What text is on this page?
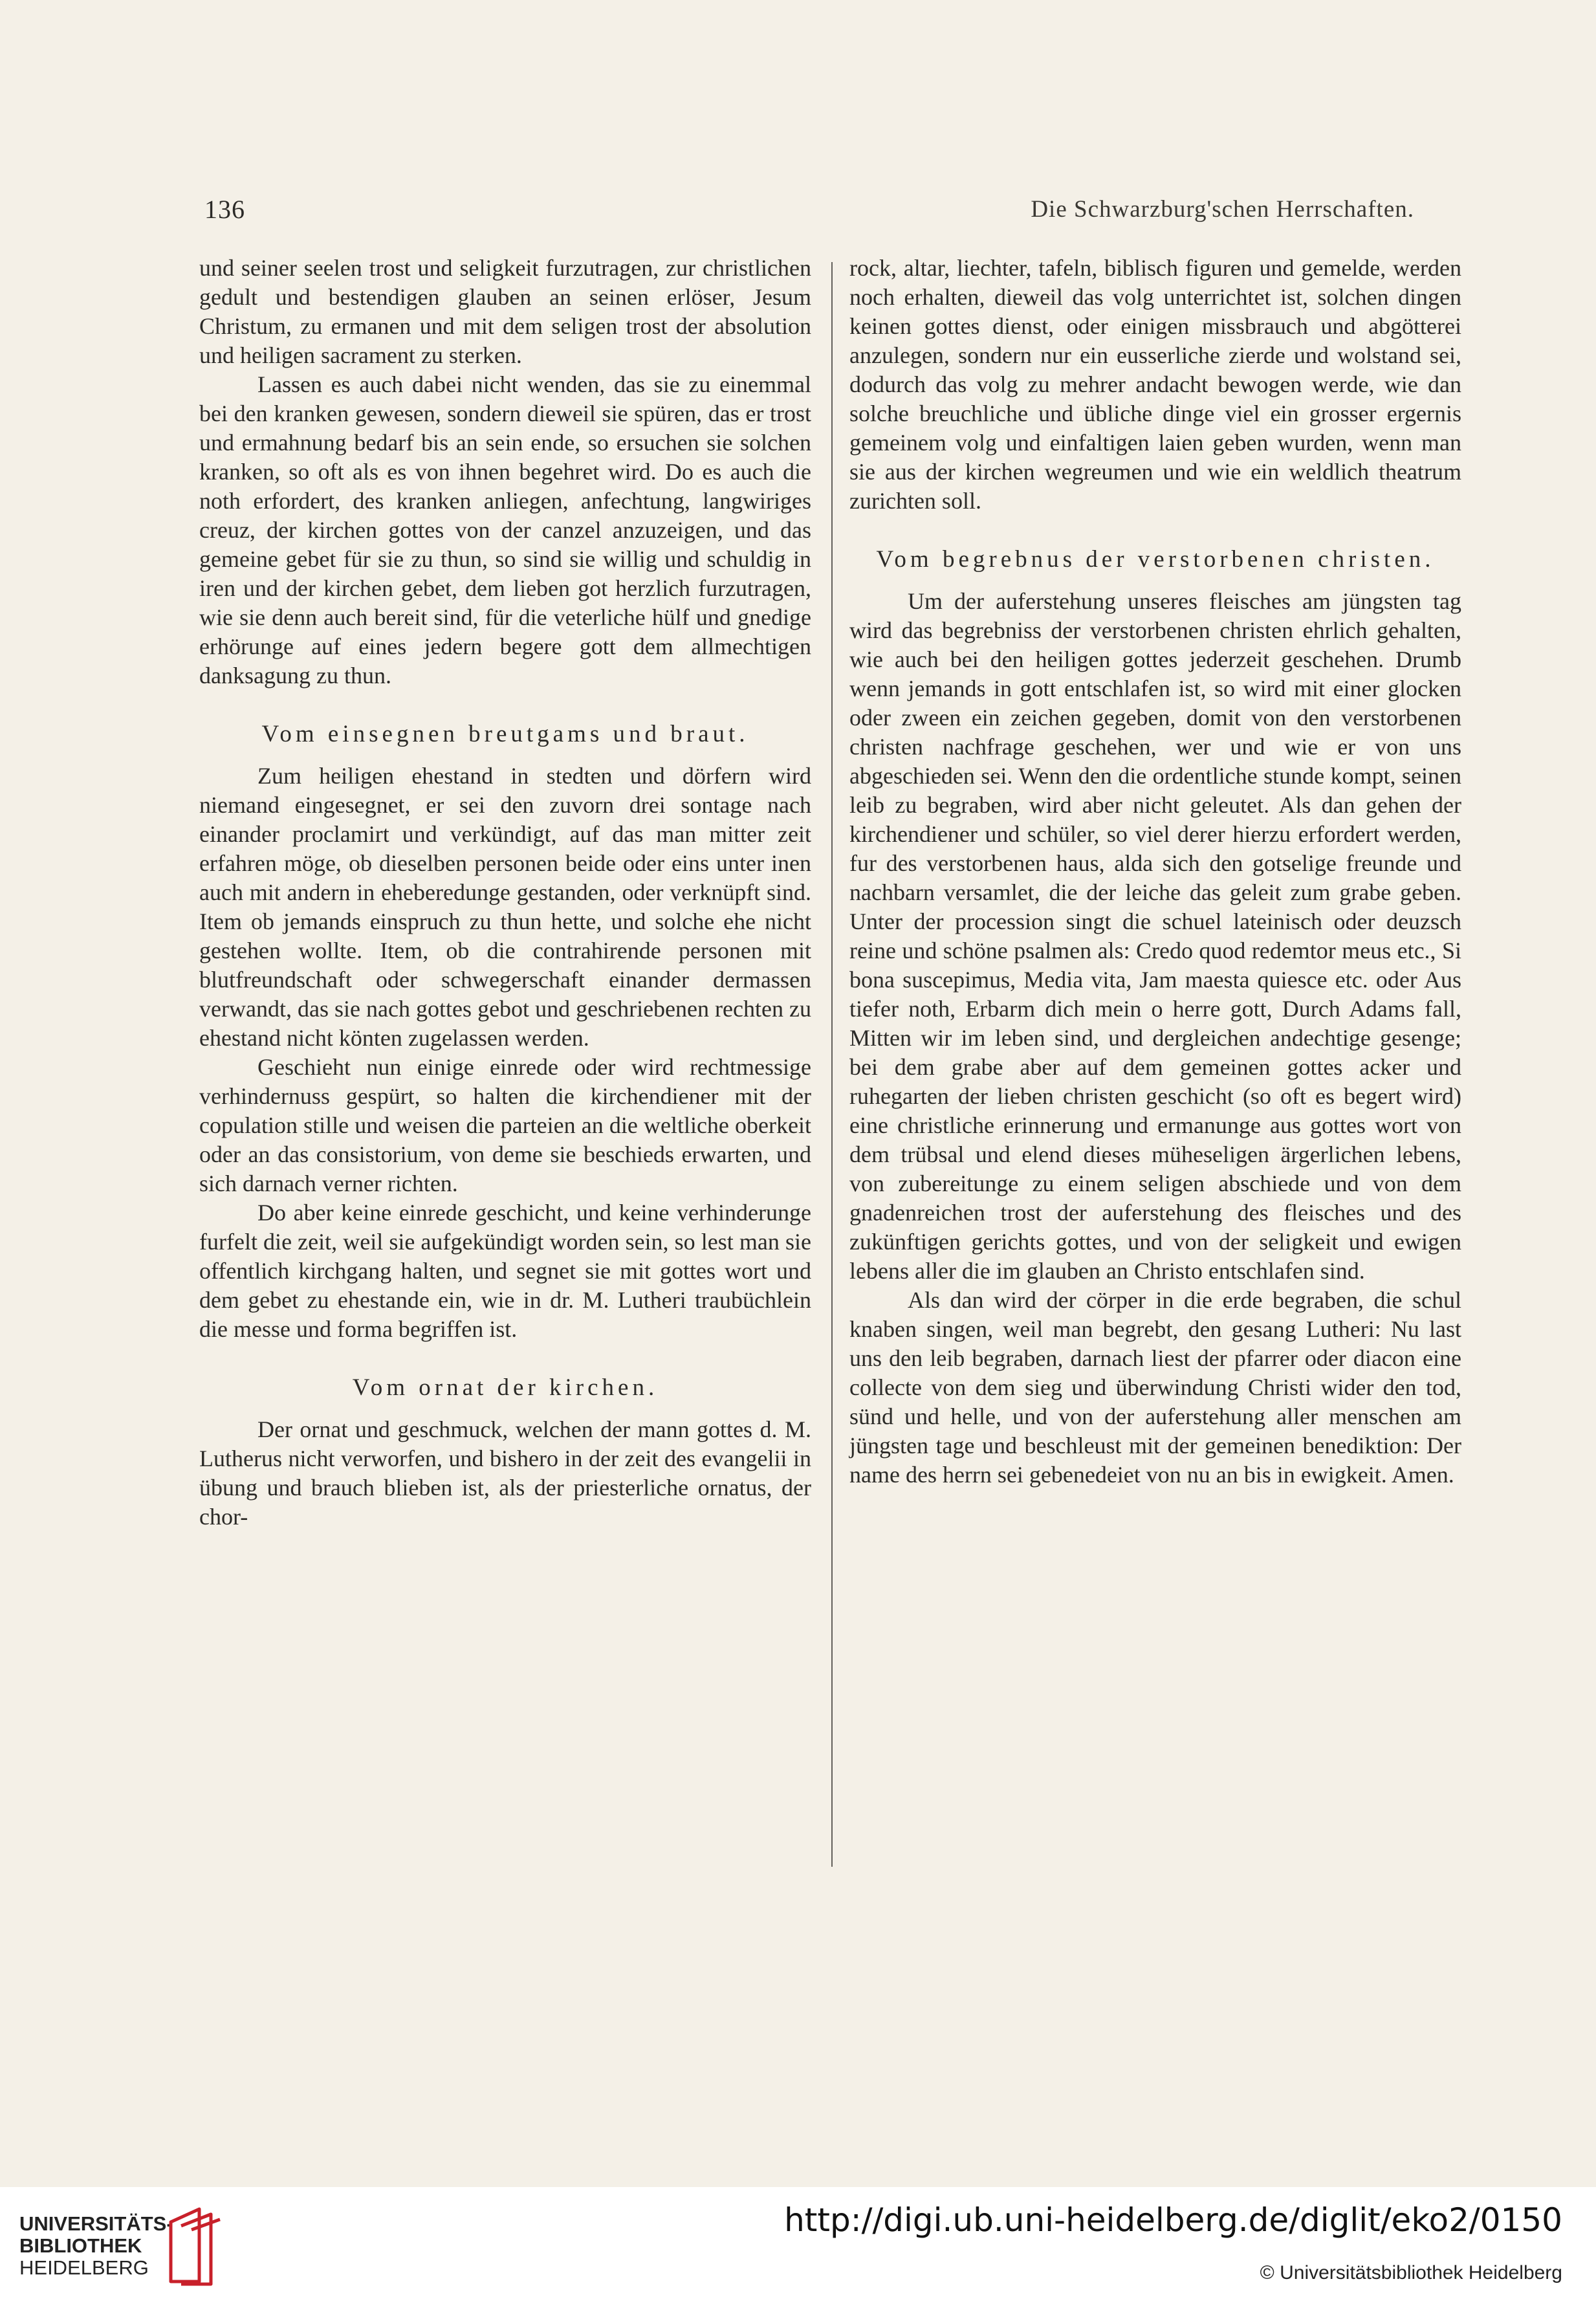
136	Die Schwarzburg'schen Herrschaften.

und seiner seelen trost und seligkeit furzutragen, zur christlichen gedult und bestendigen glauben an seinen erlöser, Jesum Christum, zu ermanen und mit dem seligen trost der absolution und heiligen sacrament zu sterken.

Lassen es auch dabei nicht wenden, das sie zu einemmal bei den kranken gewesen, sondern dieweil sie spüren, das er trost und ermahnung bedarf bis an sein ende, so ersuchen sie solchen kranken, so oft als es von ihnen begehret wird. Do es auch die noth erfordert, des kranken anliegen, anfechtung, langwiriges creuz, der kirchen gottes von der canzel anzuzeigen, und das gemeine gebet für sie zu thun, so sind sie willig und schuldig in iren und der kirchen gebet, dem lieben got herzlich furzutragen, wie sie denn auch bereit sind, für die veterliche hülf und gnedige erhörunge auf eines jedern begere gott dem allmechtigen danksagung zu thun.

Vom einsegnen breutgams und braut.

Zum heiligen ehestand in stedten und dörfern wird niemand eingesegnet, er sei den zuvorn drei sontage nach einander proclamirt und verkündigt, auf das man mitter zeit erfahren möge, ob dieselben personen beide oder eins unter inen auch mit andern in eheberedunge gestanden, oder verknüpft sind. Item ob jemands einspruch zu thun hette, und solche ehe nicht gestehen wollte. Item, ob die contrahirende personen mit blutfreundschaft oder schwegerschaft einander dermassen verwandt, das sie nach gottes gebot und geschriebenen rechten zu ehestand nicht könten zugelassen werden.

Geschieht nun einige einrede oder wird rechtmessige verhindernuss gespürt, so halten die kirchendiener mit der copulation stille und weisen die parteien an die weltliche oberkeit oder an das consistorium, von deme sie beschieds erwarten, und sich darnach verner richten.

Do aber keine einrede geschicht, und keine verhinderunge furfelt die zeit, weil sie aufgekündigt worden sein, so lest man sie offentlich kirchgang halten, und segnet sie mit gottes wort und dem gebet zu ehestande ein, wie in dr. M. Lutheri traubüchlein die messe und forma begriffen ist.

Vom ornat der kirchen.

Der ornat und geschmuck, welchen der mann gottes d. M. Lutherus nicht verworfen, und bishero in der zeit des evangelii in übung und brauch blieben ist, als der priesterliche ornatus, der chor-

rock, altar, liechter, tafeln, biblisch figuren und gemelde, werden noch erhalten, dieweil das volg unterrichtet ist, solchen dingen keinen gottes dienst, oder einigen missbrauch und abgötterei anzulegen, sondern nur ein eusserliche zierde und wolstand sei, dodurch das volg zu mehrer andacht bewogen werde, wie dan solche breuchliche und übliche dinge viel ein grosser ergernis gemeinem volg und einfaltigen laien geben wurden, wenn man sie aus der kirchen wegreumen und wie ein weldlich theatrum zurichten soll.

Vom begrebnus der verstorbenen christen.

Um der auferstehung unseres fleisches am jüngsten tag wird das begrebniss der verstorbenen christen ehrlich gehalten, wie auch bei den heiligen gottes jederzeit geschehen. Drumb wenn jemands in gott entschlafen ist, so wird mit einer glocken oder zween ein zeichen gegeben, domit von den verstorbenen christen nachfrage geschehen, wer und wie er von uns abgeschieden sei. Wenn den die ordentliche stunde kompt, seinen leib zu begraben, wird aber nicht geleutet. Als dan gehen der kirchendiener und schüler, so viel derer hierzu erfordert werden, fur des verstorbenen haus, alda sich den gotselige freunde und nachbarn versamlet, die der leiche das geleit zum grabe geben. Unter der procession singt die schuel lateinisch oder deuzsch reine und schöne psalmen als: Credo quod redemtor meus etc., Si bona suscepimus, Media vita, Jam maesta quiesce etc. oder Aus tiefer noth, Erbarm dich mein o herre gott, Durch Adams fall, Mitten wir im leben sind, und dergleichen andechtige gesenge; bei dem grabe aber auf dem gemeinen gottes acker und ruhegarten der lieben christen geschicht (so oft es begert wird) eine christliche erinnerung und ermanunge aus gottes wort von dem trübsal und elend dieses müheseligen ärgerlichen lebens, von zubereitunge zu einem seligen abschiede und von dem gnadenreichen trost der auferstehung des fleisches und des zukünftigen gerichts gottes, und von der seligkeit und ewigen lebens aller die im glauben an Christo entschlafen sind.

Als dan wird der cörper in die erde begraben, die schul knaben singen, weil man begrebt, den gesang Lutheri: Nu last uns den leib begraben, darnach liest der pfarrer oder diacon eine collecte von dem sieg und überwindung Christi wider den tod, sünd und helle, und von der auferstehung aller menschen am jüngsten tage und beschleust mit der gemeinen benediktion: Der name des herrn sei gebenedeiet von nu an bis in ewigkeit. Amen.

UNIVERSITÄTS-
BIBLIOTHEK
HEIDELBERG
http://digi.ub.uni-heidelberg.de/diglit/eko2/0150
© Universitätsbibliothek Heidelberg
